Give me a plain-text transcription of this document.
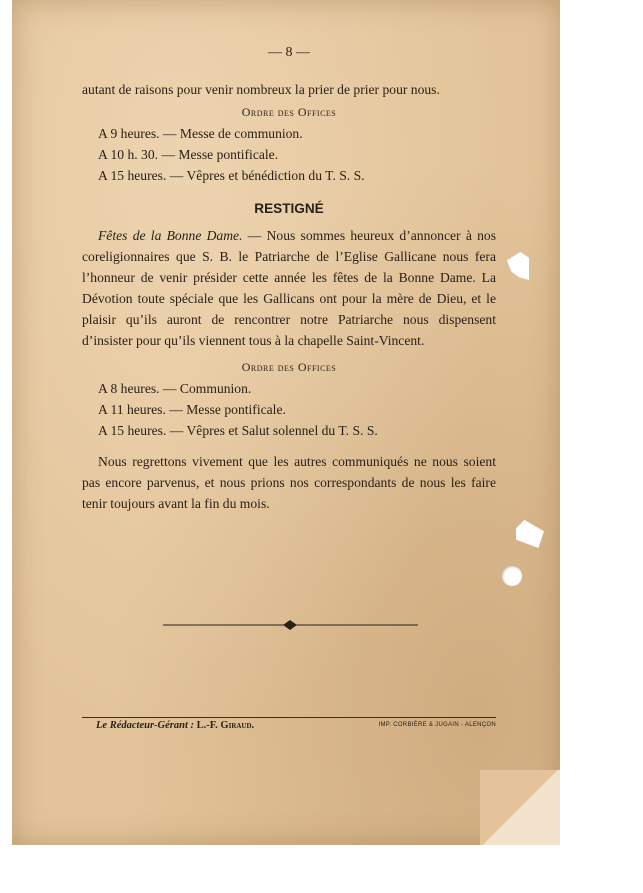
— 8 —

autant de raisons pour venir nombreux la prier de prier pour nous.

Ordre des Offices

A 9 heures. — Messe de communion.

A 10 h. 30. — Messe pontificale.

A 15 heures. — Vêpres et bénédiction du T. S. S.

RESTIGNÉ

Fêtes de la Bonne Dame. — Nous sommes heureux d’annoncer à nos coreligionnaires que S. B. le Patriarche de l’Eglise Gallicane nous fera l’honneur de venir présider cette année les fêtes de la Bonne Dame. La Dévotion toute spéciale que les Gallicans ont pour la mère de Dieu, et le plaisir qu’ils auront de rencontrer notre Patriarche nous dispensent d’insister pour qu’ils viennent tous à la chapelle Saint-Vincent.

Ordre des Offices

A 8 heures. — Communion.

A 11 heures. — Messe pontificale.

A 15 heures. — Vêpres et Salut solennel du T. S. S.

Nous regrettons vivement que les autres communiqués ne nous soient pas encore parvenus, et nous prions nos correspondants de nous les faire tenir toujours avant la fin du mois.

Le Rédacteur-Gérant : L.-F. Giraud.	IMP. CORBIÈRE & JUGAIN - ALENÇON
